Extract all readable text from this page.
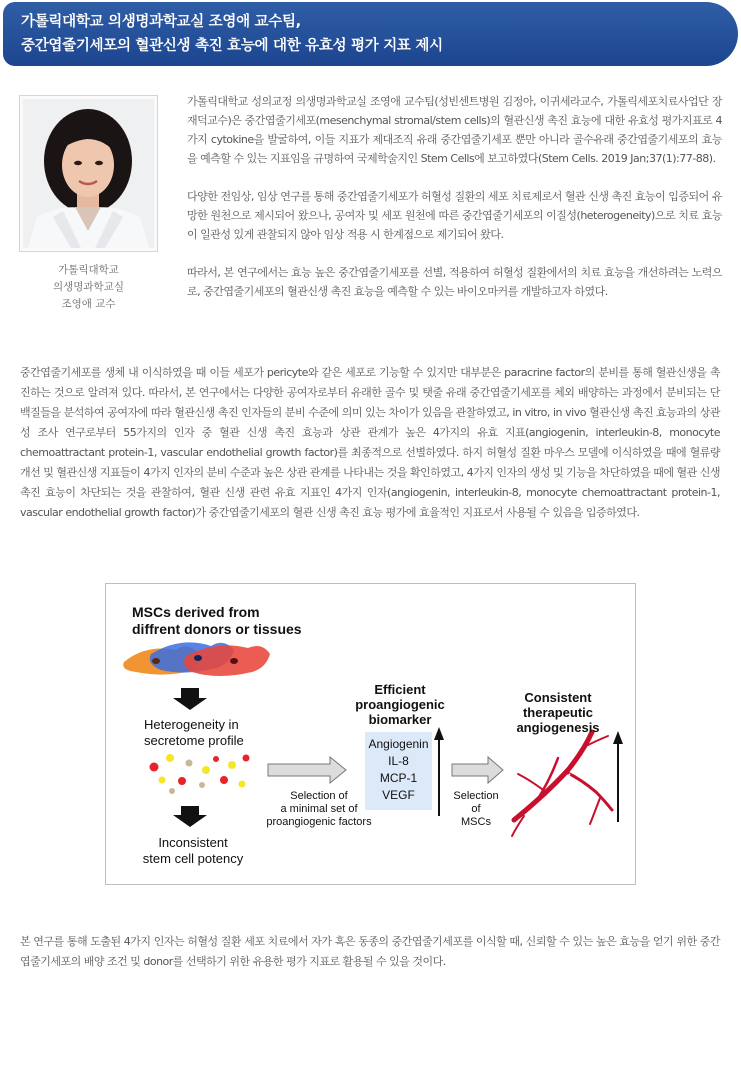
가톨릭대학교 의생명과학교실 조영애 교수팀,
중간엽줄기세포의 혈관신생 촉진 효능에 대한 유효성 평가 지표 제시
가톨릭대학교
의생명과학교실
조영애 교수

가톨릭대학교 성의교정 의생명과학교실 조영애 교수팀(성빈센트병원 김정아, 이귀세라교수, 가톨릭세포치료사업단 장재덕교수)은 중간엽줄기세포(mesenchymal stromal/stem cells)의 혈관신생 촉진 효능에 대한 유효성 평가지표로 4가지 cytokine을 발굴하여, 이들 지표가 제대조직 유래 중간엽줄기세포 뿐만 아니라 골수유래 중간엽줄기세포의 효능을 예측할 수 있는 지표임을 규명하여 국제학술지인 Stem Cells에 보고하였다(Stem Cells. 2019 Jan;37(1):77-88).

다양한 전임상, 임상 연구를 통해 중간엽줄기세포가 허혈성 질환의 세포 치료제로서 혈관 신생 촉진 효능이 입증되어 유망한 원천으로 제시되어 왔으나, 공여자 및 세포 원천에 따른 중간엽줄기세포의 이질성(heterogeneity)으로 치료 효능이 일관성 있게 관찰되지 않아 임상 적용 시 한계점으로 제기되어 왔다.

따라서, 본 연구에서는 효능 높은 중간엽줄기세포를 선별, 적용하여 허혈성 질환에서의 치료 효능을 개선하려는 노력으로, 중간엽줄기세포의 혈관신생 촉진 효능을 예측할 수 있는 바이오마커를 개발하고자 하였다.

중간엽줄기세포를 생체 내 이식하였을 때 이들 세포가 pericyte와 같은 세포로 기능할 수 있지만 대부분은 paracrine factor의 분비를 통해 혈관신생을 촉진하는 것으로 알려져 있다. 따라서, 본 연구에서는 다양한 공여자로부터 유래한 골수 및 탯줄 유래 중간엽줄기세포를 체외 배양하는 과정에서 분비되는 단백질들을 분석하여 공여자에 따라 혈관신생 촉진 인자들의 분비 수준에 의미 있는 차이가 있음을 관찰하였고, in vitro, in vivo 혈관신생 촉진 효능과의 상관성 조사 연구로부터 55가지의 인자 중 혈관 신생 촉진 효능과 상관 관계가 높은 4가지의 유효 지표(angiogenin, interleukin-8, monocyte chemoattractant protein-1, vascular endothelial growth factor)를 최종적으로 선별하였다. 하지 허혈성 질환 마우스 모델에 이식하였을 때에 혈류량 개선 및 혈관신생 지표들이 4가지 인자의 분비 수준과 높은 상관 관계를 나타내는 것을 확인하였고, 4가지 인자의 생성 및 기능을 차단하였을 때에 혈관 신생 촉진 효능이 차단되는 것을 관찰하여, 혈관 신생 관련 유효 지표인 4가지 인자(angiogenin, interleukin-8, monocyte chemoattractant protein-1, vascular endothelial growth factor)가 중간엽줄기세포의 혈관 신생 촉진 효능 평가에 효율적인 지표로서 사용될 수 있음을 입증하였다.
MSCs derived from
diffrent donors or tissues
Heterogeneity in
secretome profile
Inconsistent
stem cell potency
Selection of
a minimal set of
proangiogenic factors
Efficient
proangiogenic
biomarker
Angiogenin
IL-8
MCP-1
VEGF	Selection
of
MSCs
Consistent
therapeutic
angiogenesis
본 연구를 통해 도출된 4가지 인자는 허혈성 질환 세포 치료에서 자가 혹은 동종의 중간엽줄기세포를 이식할 때, 신뢰할 수 있는 높은 효능을 얻기 위한 중간엽줄기세포의 배양 조건 및 donor를 선택하기 위한 유용한 평가 지표로 활용될 수 있을 것이다.
